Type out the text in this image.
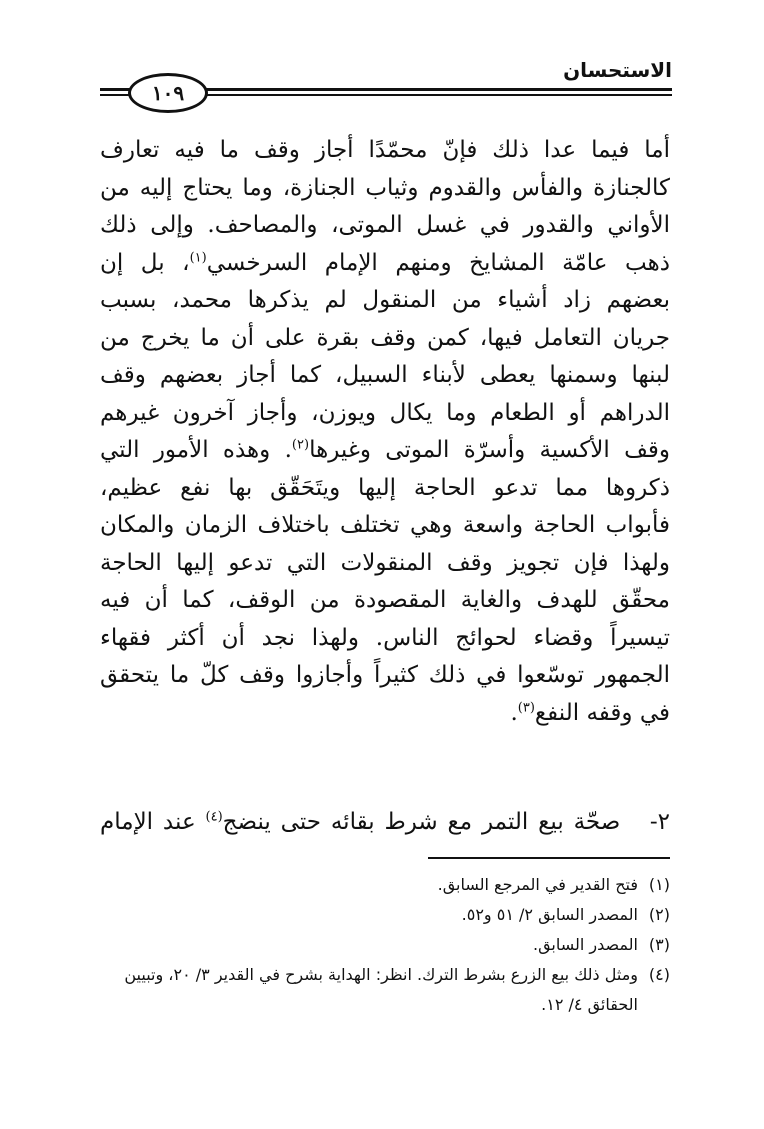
الاستحسان
١٠٩
أما فيما عدا ذلك فإنّ محمّدًا أجاز وقف ما فيه تعارف
كالجنازة والفأس والقدوم وثياب الجنازة، وما يحتاج إليه من
الأواني والقدور في غسل الموتى، والمصاحف. وإلى ذلك
ذهب عامّة المشايخ ومنهم الإمام السرخسي$^{(١)}$، بل إن
بعضهم زاد أشياء من المنقول لم يذكرها محمد، بسبب
جريان التعامل فيها، كمن وقف بقرة على أن ما يخرج من
لبنها وسمنها يعطى لأبناء السبيل، كما أجاز بعضهم وقف
الدراهم أو الطعام وما يكال ويوزن، وأجاز آخرون غيرهم
وقف الأكسية وأسرّة الموتى وغيرها$^{(٢)}$. وهذه الأمور التي
ذكروها مما تدعو الحاجة إليها ويتَحَقّق بها نفع عظيم،
فأبواب الحاجة واسعة وهي تختلف باختلاف الزمان والمكان
ولهذا فإن تجويز وقف المنقولات التي تدعو إليها الحاجة
محقّق للهدف والغاية المقصودة من الوقف، كما أن فيه
تيسيراً وقضاء لحوائج الناس. ولهذا نجد أن أكثر فقهاء
الجمهور توسّعوا في ذلك كثيراً وأجازوا وقف كلّ ما يتحقق
في وقفه النفع$^{(٣)}$.
٢-   صحّة بيع التمر مع شرط بقائه حتى ينضج$^{(٤)}$ عند الإمام
(١)
فتح القدير في المرجع السابق.
(٢)
المصدر السابق ٢/ ٥١ و٥٢.
(٣)
المصدر السابق.
(٤)
ومثل ذلك بيع الزرع بشرط الترك. انظر: الهداية بشرح في القدير ٣/ ٢٠، وتبيين الحقائق ٤/ ١٢.
